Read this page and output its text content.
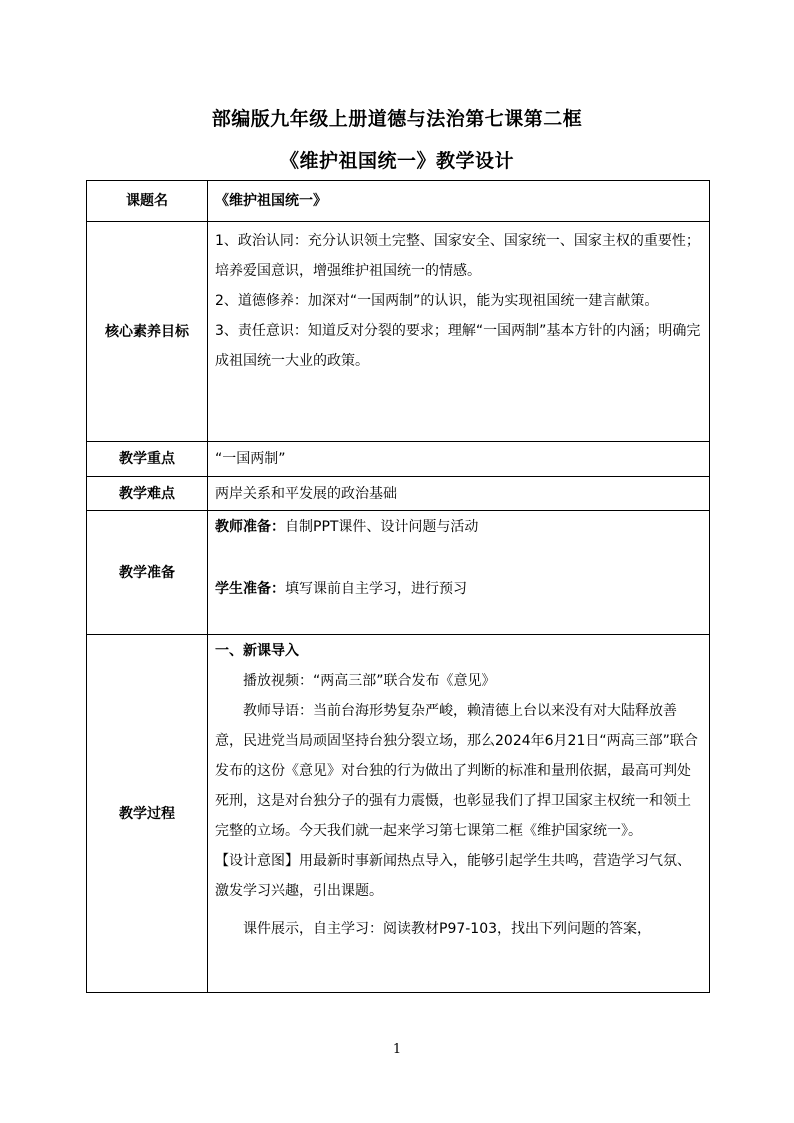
部编版九年级上册道德与法治第七课第二框
《维护祖国统一》教学设计
课题名	《维护祖国统一》
核心素养目标	1、政治认同：充分认识领土完整、国家安全、国家统一、国家主权的重要性；培养爱国意识，增强维护祖国统一的情感。

2、道德修养：加深对“一国两制”的认识，能为实现祖国统一建言献策。

3、责任意识：知道反对分裂的要求；理解“一国两制”基本方针的内涵；明确完成祖国统一大业的政策。

教学重点	“一国两制”
教学难点	两岸关系和平发展的政治基础
教学准备	教师准备：自制PPT课件、设计问题与活动

学生准备：填写课前自主学习，进行预习

教学过程	一、新课导入

播放视频：“两高三部”联合发布《意见》

教师导语：当前台海形势复杂严峻，赖清德上台以来没有对大陆释放善意，民进党当局顽固坚持台独分裂立场，那么2024年6月21日“两高三部”联合发布的这份《意见》对台独的行为做出了判断的标准和量刑依据，最高可判处死刑，这是对台独分子的强有力震慑，也彰显我们了捍卫国家主权统一和领土完整的立场。今天我们就一起来学习第七课第二框《维护国家统一》。

【设计意图】用最新时事新闻热点导入，能够引起学生共鸣，营造学习气氛、激发学习兴趣，引出课题。

课件展示，自主学习：阅读教材P97-103，找出下列问题的答案，

1
